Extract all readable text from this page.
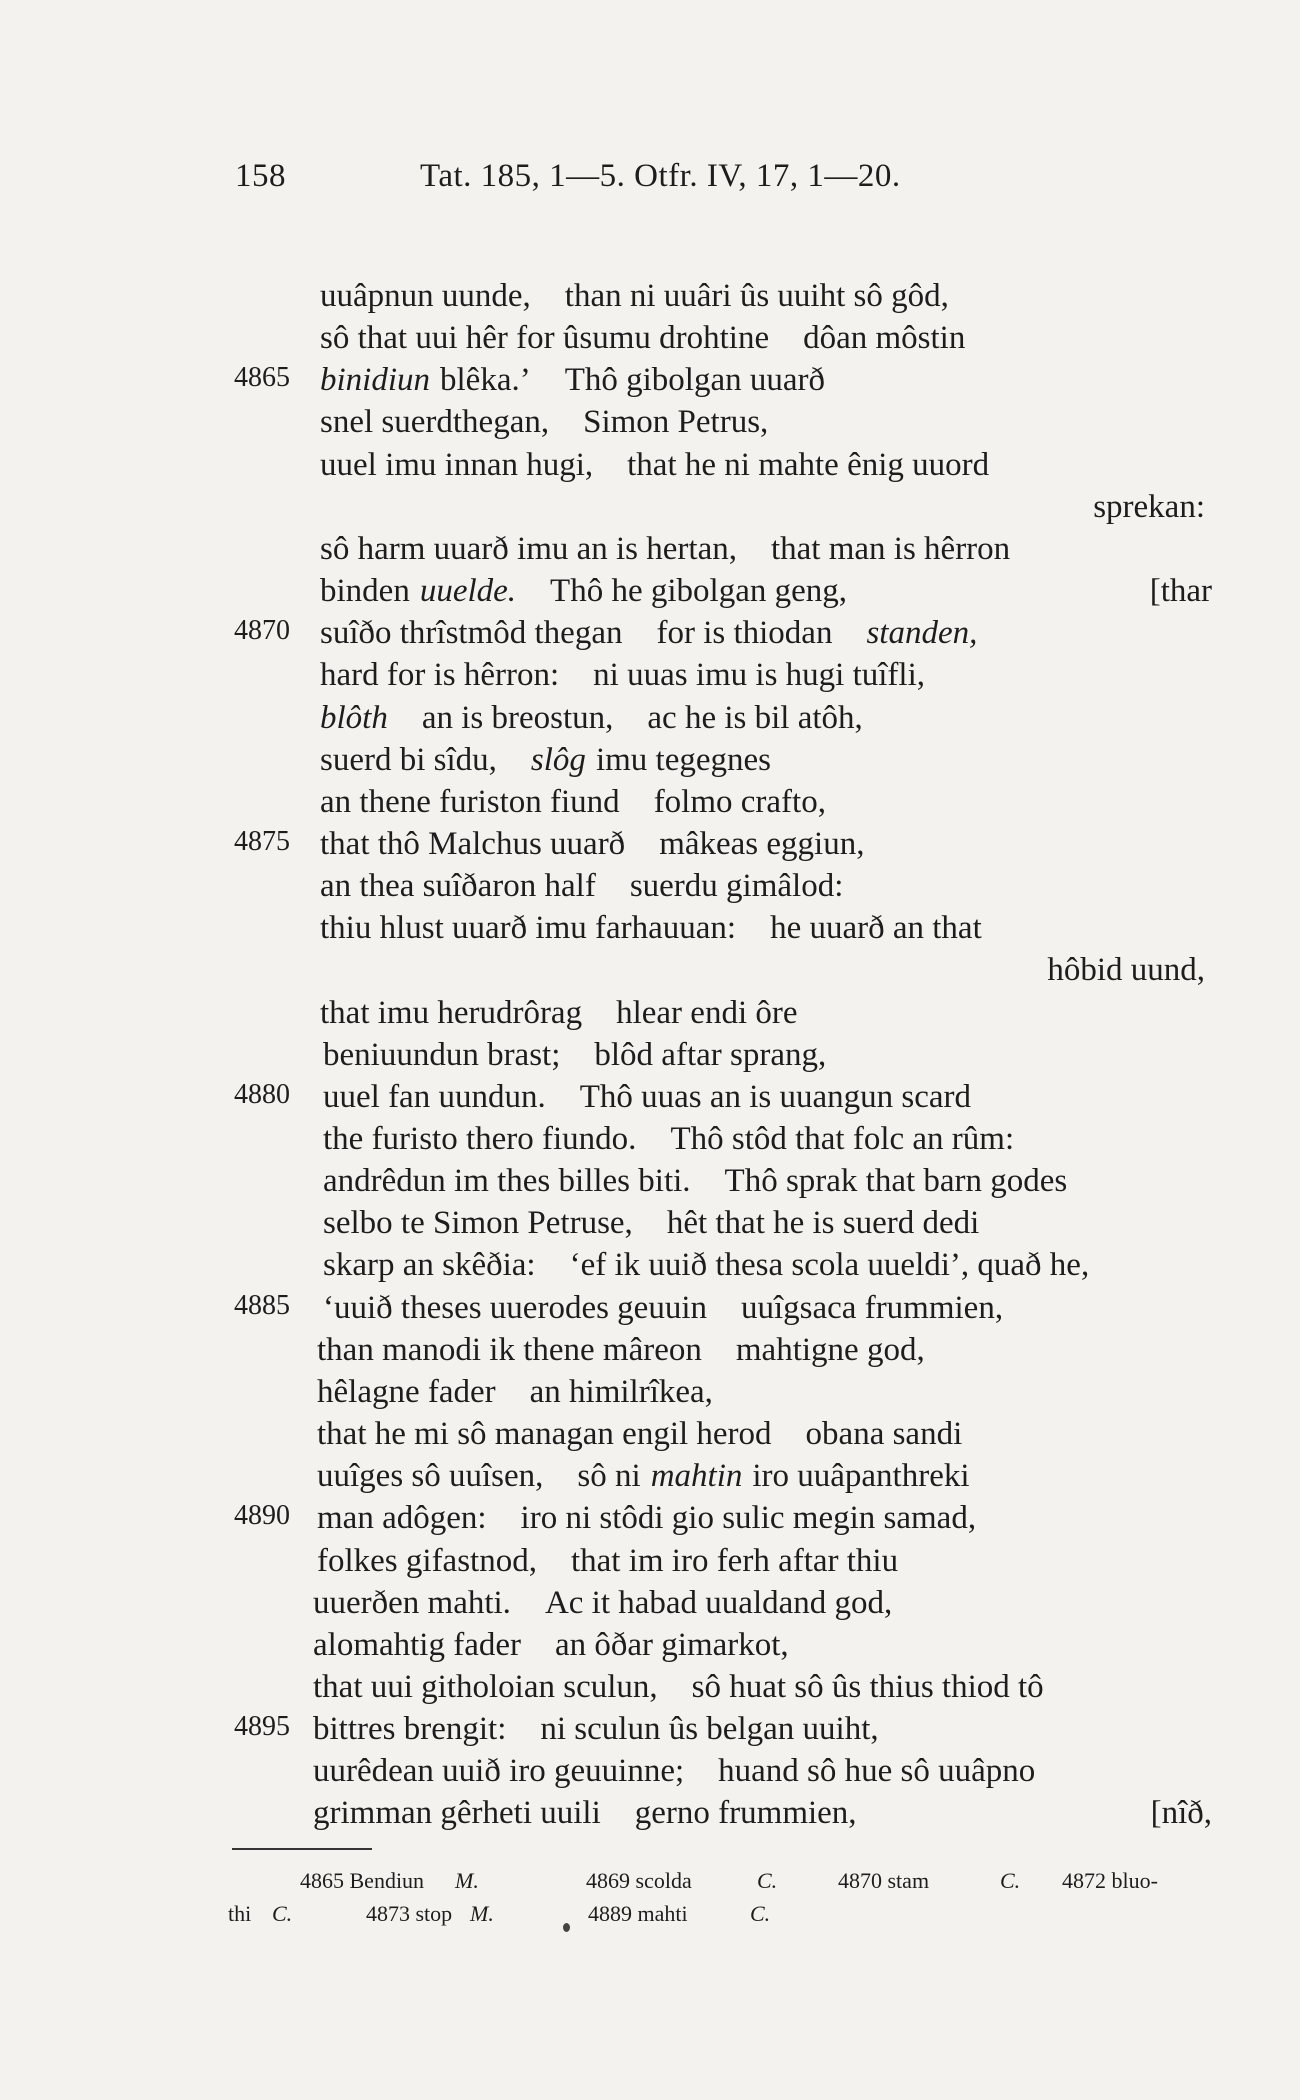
158	Tat. 185, 1—5. Otfr. IV, 17, 1—20.
uuâpnun uunde, than ni uuâri ûs uuiht sô gôd,
sô that uui hêr for ûsumu drohtine dôan môstin
4865 binidiun blêka.’ Thô gibolgan uuarð
snel suerdthegan, Simon Petrus,
uuel imu innan hugi, that he ni mahte ênig uuord
sprekan:
sô harm uuarð imu an is hertan, that man is hêrron
binden uuelde. Thô he gibolgan geng,	[thar
4870 suîðo thrîstmôd thegan for is thiodan standen,
hard for is hêrron: ni uuas imu is hugi tuîfli,
blôth an is breostun, ac he is bil atôh,
suerd bi sîdu, slôg imu tegegnes
an thene furiston fiund folmo crafto,
4875 that thô Malchus uuarð mâkeas eggiun,
an thea suîðaron half suerdu gimâlod:
thiu hlust uuarð imu farhauuan: he uuarð an that
hôbid uund,
that imu herudrôrag hlear endi ôre
beniuundun brast; blôd aftar sprang,
4880 uuel fan uundun. Thô uuas an is uuangun scard
the furisto thero fiundo. Thô stôd that folc an rûm:
andrêdun im thes billes biti. Thô sprak that barn godes
selbo te Simon Petruse, hêt that he is suerd dedi
skarp an skêðia: ‘ef ik uuið thesa scola uueldi’, quað he,
4885 ‘uuið theses uuerodes geuuin uuîgsaca frummien,
than manodi ik thene mâreon mahtigne god,
hêlagne fader an himilrîkea,
that he mi sô managan engil herod obana sandi
uuîges sô uuîsen, sô ni mahtin iro uuâpanthreki
4890 man adôgen: iro ni stôdi gio sulic megin samad,
folkes gifastnod, that im iro ferh aftar thiu
uuerðen mahti. Ac it habad uualdand god,
alomahtig fader an ôðar gimarkot,
that uui githoloian sculun, sô huat sô ûs thius thiod tô
4895 bittres brengit: ni sculun ûs belgan uuiht,
uurêdean uuið iro geuuinne; huand sô hue sô uuâpno
grimman gêrheti uuili gerno frummien,	[nîð,
4865 Bendiun M.	4869 scolda	C.	4870 stam	C. 4872 bluo-
thi C.	4873 stop M.	4889 mahti	C.
